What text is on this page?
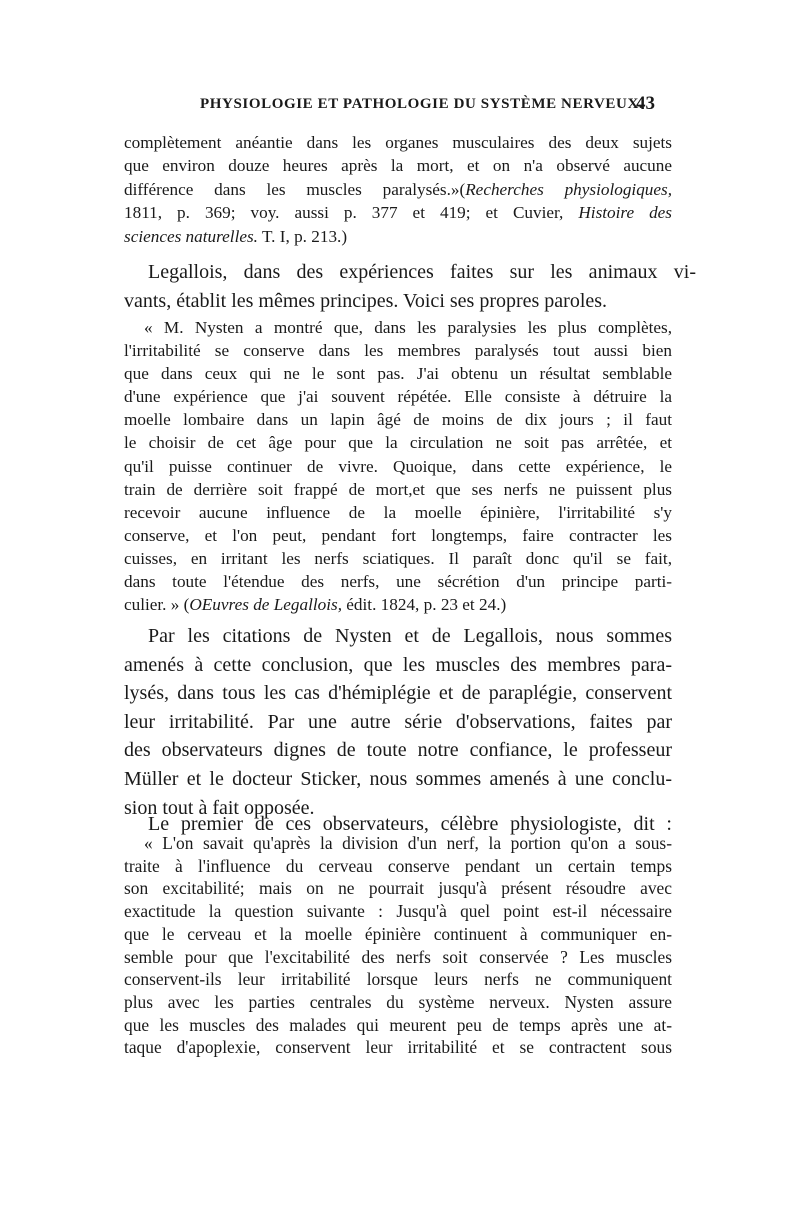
PHYSIOLOGIE ET PATHOLOGIE DU SYSTÈME NERVEUX.
43
complètement anéantie dans les organes musculaires des deux sujets
que environ douze heures après la mort, et on n'a observé aucune
différence dans les muscles paralysés.»(Recherches physiologiques,
1811, p. 369; voy. aussi p. 377 et 419; et Cuvier, Histoire des
sciences naturelles. T. I, p. 213.)
Legallois, dans des expériences faites sur les animaux vi-
vants, établit les mêmes principes. Voici ses propres paroles.
« M. Nysten a montré que, dans les paralysies les plus complètes,
l'irritabilité se conserve dans les membres paralysés tout aussi bien
que dans ceux qui ne le sont pas. J'ai obtenu un résultat semblable
d'une expérience que j'ai souvent répétée. Elle consiste à détruire la
moelle lombaire dans un lapin âgé de moins de dix jours ; il faut
le choisir de cet âge pour que la circulation ne soit pas arrêtée, et
qu'il puisse continuer de vivre. Quoique, dans cette expérience, le
train de derrière soit frappé de mort,et que ses nerfs ne puissent plus
recevoir aucune influence de la moelle épinière, l'irritabilité s'y
conserve, et l'on peut, pendant fort longtemps, faire contracter les
cuisses, en irritant les nerfs sciatiques. Il paraît donc qu'il se fait,
dans toute l'étendue des nerfs, une sécrétion d'un principe parti-
culier. » (OEuvres de Legallois, édit. 1824, p. 23 et 24.)
Par les citations de Nysten et de Legallois, nous sommes
amenés à cette conclusion, que les muscles des membres para-
lysés, dans tous les cas d'hémiplégie et de paraplégie, conservent
leur irritabilité. Par une autre série d'observations, faites par
des observateurs dignes de toute notre confiance, le professeur
Müller et le docteur Sticker, nous sommes amenés à une conclu-
sion tout à fait opposée.
Le premier de ces observateurs, célèbre physiologiste, dit :
« L'on savait qu'après la division d'un nerf, la portion qu'on a sous-
traite à l'influence du cerveau conserve pendant un certain temps
son excitabilité; mais on ne pourrait jusqu'à présent résoudre avec
exactitude la question suivante : Jusqu'à quel point est-il nécessaire
que le cerveau et la moelle épinière continuent à communiquer en-
semble pour que l'excitabilité des nerfs soit conservée ? Les muscles
conservent-ils leur irritabilité lorsque leurs nerfs ne communiquent
plus avec les parties centrales du système nerveux. Nysten assure
que les muscles des malades qui meurent peu de temps après une at-
taque d'apoplexie, conservent leur irritabilité et se contractent sous
